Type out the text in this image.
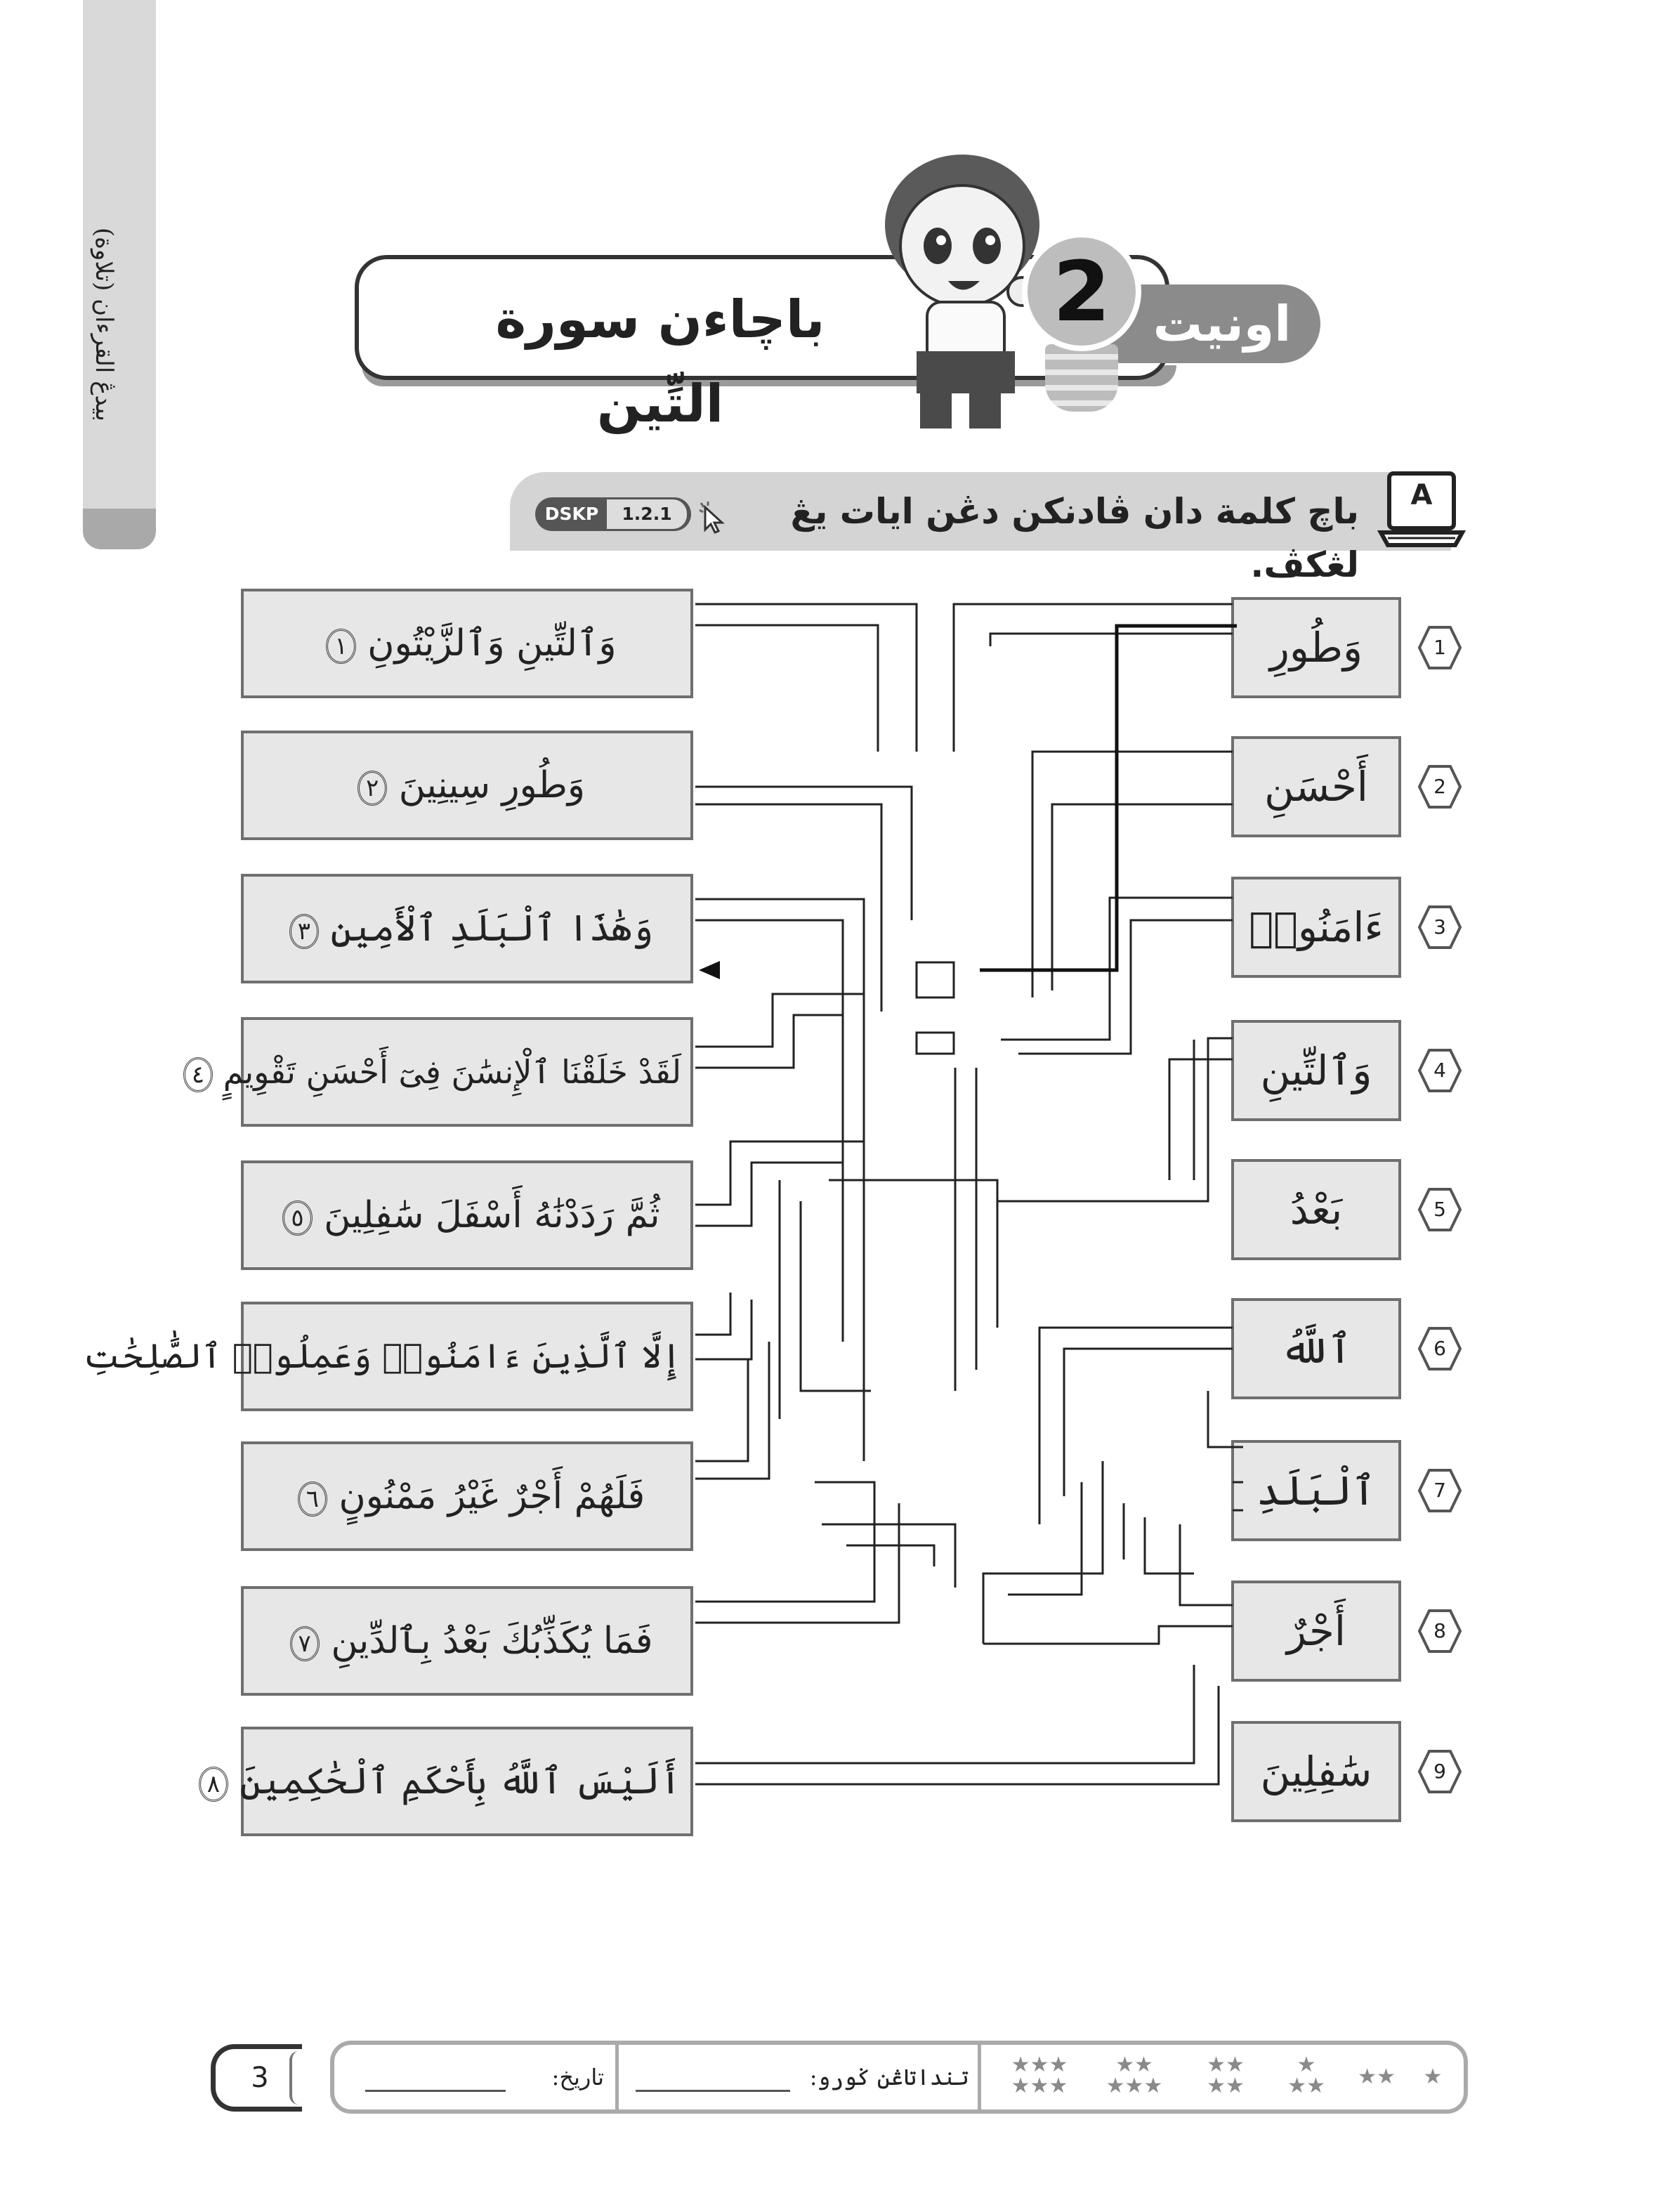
بيدڠ القرءان (تلاوة)	باچاءن سورة التِّين
اونيت
2
باچ كلمة دان ڤادنكن دڠن ايات يڠ لڠكڤ.
DSKP	1.2.1
A
وَٱلتِّينِ وَٱلزَّيْتُونِ ١
وَطُورِ سِينِينَ ٢
وَهَٰذَا ٱلْبَلَدِ ٱلْأَمِينِ ٣
لَقَدْ خَلَقْنَا ٱلْإِنسَٰنَ فِىٓ أَحْسَنِ تَقْوِيمٍ ٤
ثُمَّ رَدَدْنَٰهُ أَسْفَلَ سَٰفِلِينَ ٥
إِلَّا ٱلَّذِينَ ءَامَنُوا۟ وَعَمِلُوا۟ ٱلصَّٰلِحَٰتِ
فَلَهُمْ أَجْرٌ غَيْرُ مَمْنُونٍ ٦
فَمَا يُكَذِّبُكَ بَعْدُ بِٱلدِّينِ ٧
أَلَيْسَ ٱللَّهُ بِأَحْكَمِ ٱلْحَٰكِمِينَ ٨
وَطُورِ
أَحْسَنِ
ءَامَنُوا۟
وَٱلتِّينِ
بَعْدُ
ٱللَّهُ
ٱلْبَلَدِ
أَجْرٌ
سَٰفِلِينَ
1
2
3
4
5
6
7
8
9
3	تاريخ:	تنداتاڠن ݢورو:	★
★★
★
★★
★★
★★
★★
★★★
★★★
★★★
